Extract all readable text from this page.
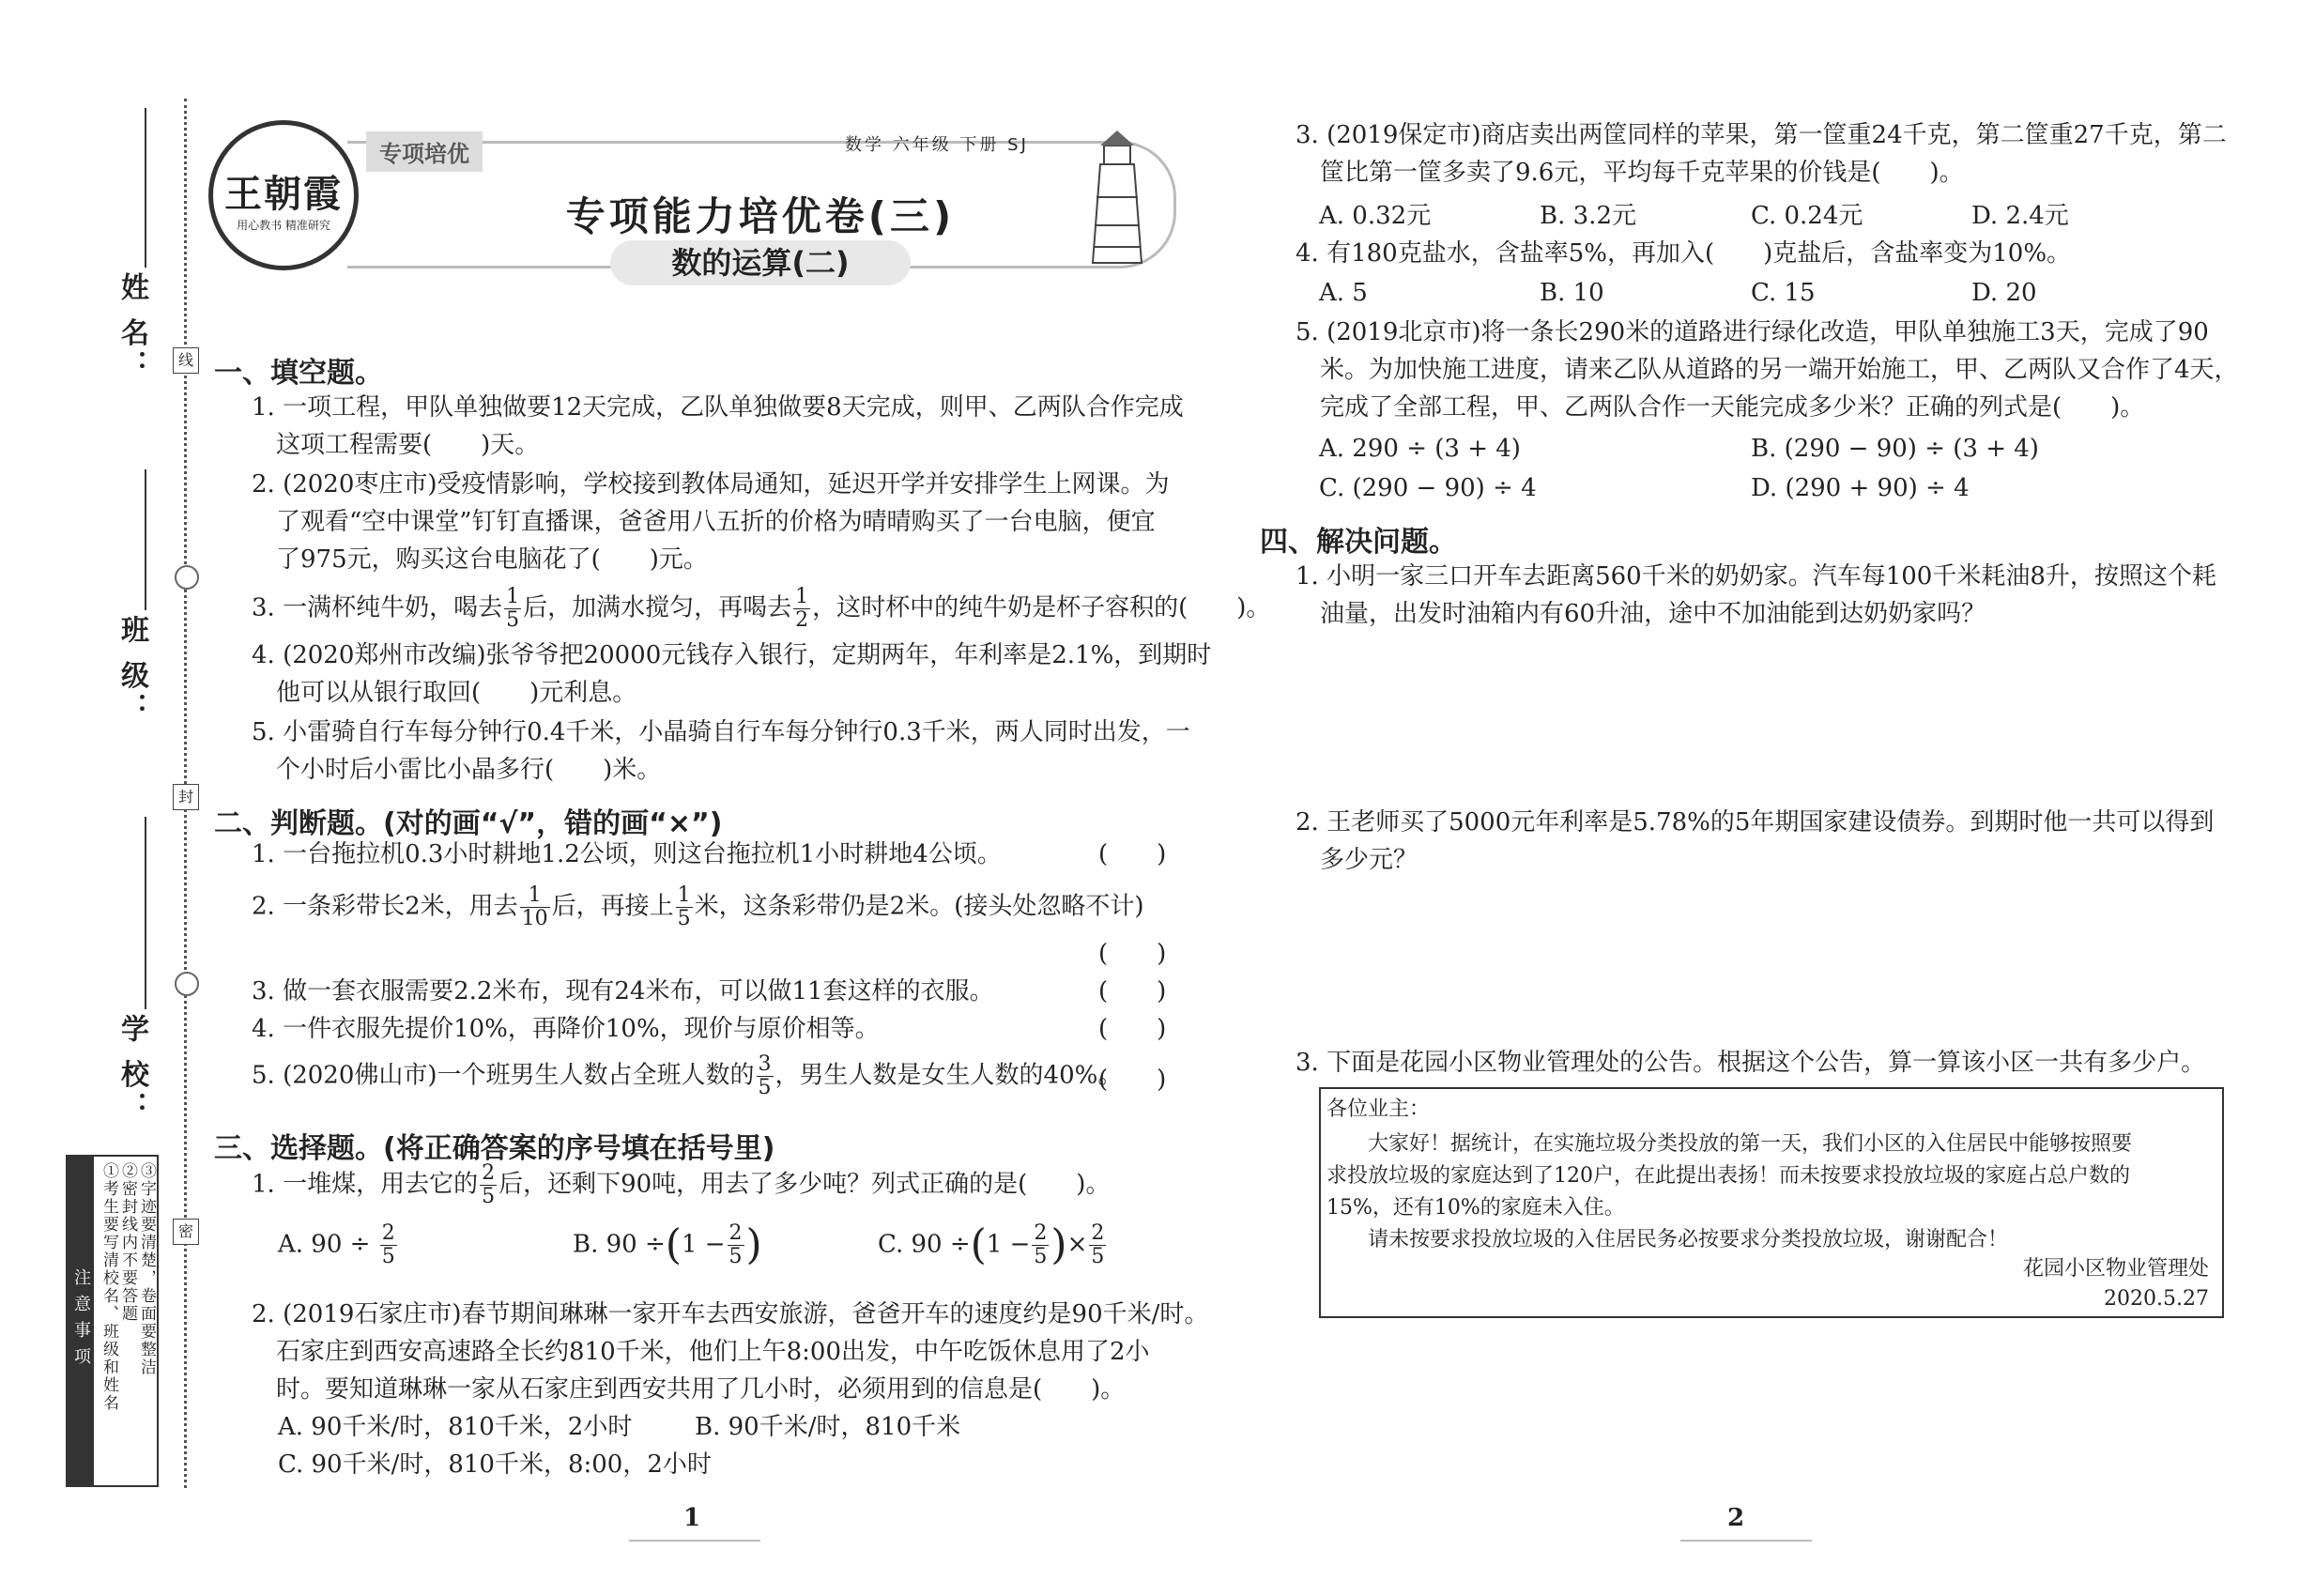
姓 名：
班 级：
学 校：
线
封
密
注意事项 ①考生要写清校名、班级和姓名 ②密封线内不要答题 ③字迹要清楚，卷面要整洁
专项培优	数学 六年级 下册 SJ
王朝霞
用心教书 精准研究	专项能力培优卷(三)
数的运算(二)
一、填空题。
1. 一项工程，甲队单独做要12天完成，乙队单独做要8天完成，则甲、乙两队合作完成
这项工程需要(　　)天。
2. (2020枣庄市)受疫情影响，学校接到教体局通知，延迟开学并安排学生上网课。为
了观看“空中课堂”钉钉直播课，爸爸用八五折的价格为晴晴购买了一台电脑，便宜
了975元，购买这台电脑花了(　　)元。
3. 一满杯纯牛奶，喝去 $\frac{1}{5}$ 后，加满水搅匀，再喝去 $\frac{1}{2}$ ，这时杯中的纯牛奶是杯子容积的(　　)。
4. (2020郑州市改编)张爷爷把20000元钱存入银行，定期两年，年利率是2.1%，到期时
他可以从银行取回(　　)元利息。
5. 小雷骑自行车每分钟行0.4千米，小晶骑自行车每分钟行0.3千米，两人同时出发，一
个小时后小雷比小晶多行(　　)米。
二、判断题。(对的画“√”，错的画“×”)
1. 一台拖拉机0.3小时耕地1.2公顷，则这台拖拉机1小时耕地4公顷。	(　　)
2. 一条彩带长2米，用去 $\frac{1}{10}$ 后，再接上 $\frac{1}{5}$ 米，这条彩带仍是2米。(接头处忽略不计)
(　　)
3. 做一套衣服需要2.2米布，现有24米布，可以做11套这样的衣服。	(　　)
4. 一件衣服先提价10%，再降价10%，现价与原价相等。	(　　)
5. (2020佛山市)一个班男生人数占全班人数的 $\frac{3}{5}$ ，男生人数是女生人数的40%。
(　　)
三、选择题。(将正确答案的序号填在括号里)
1. 一堆煤，用去它的 $\frac{2}{5}$ 后，还剩下90吨，用去了多少吨？列式正确的是(　　)。
A. $90 \div \frac{2}{5}$	B. $90 \div(1 - \frac{2}{5}$ )	C. $90 \div(1 - \frac{2}{5}$ )× $\frac{2}{5}$
2. (2019石家庄市)春节期间琳琳一家开车去西安旅游，爸爸开车的速度约是90千米/时。
石家庄到西安高速路全长约810千米，他们上午8:00出发，中午吃饭休息用了2小
时。要知道琳琳一家从石家庄到西安共用了几小时，必须用到的信息是(　　)。
A. 90千米/时，810千米，2小时	B. 90千米/时，810千米
C. 90千米/时，810千米，8:00，2小时
1
3. (2019保定市)商店卖出两筐同样的苹果，第一筐重24千克，第二筐重27千克，第二
筐比第一筐多卖了9.6元，平均每千克苹果的价钱是(　　)。
A. 0.32元	B. 3.2元	C. 0.24元	D. 2.4元
4. 有180克盐水，含盐率5%，再加入(　　)克盐后，含盐率变为10%。
A. 5	B. 10	C. 15	D. 20
5. (2019北京市)将一条长290米的道路进行绿化改造，甲队单独施工3天，完成了90
米。为加快施工进度，请来乙队从道路的另一端开始施工，甲、乙两队又合作了4天，
完成了全部工程，甲、乙两队合作一天能完成多少米？正确的列式是(　　)。
A. 290 ÷ (3 + 4)	B. (290 − 90) ÷ (3 + 4)
C. (290 − 90) ÷ 4	D. (290 + 90) ÷ 4
四、解决问题。
1. 小明一家三口开车去距离560千米的奶奶家。汽车每100千米耗油8升，按照这个耗
油量，出发时油箱内有60升油，途中不加油能到达奶奶家吗？
2. 王老师买了5000元年利率是5.78%的5年期国家建设债券。到期时他一共可以得到
多少元？
3. 下面是花园小区物业管理处的公告。根据这个公告，算一算该小区一共有多少户。
各位业主：
大家好！据统计，在实施垃圾分类投放的第一天，我们小区的入住居民中能够按照要
求投放垃圾的家庭达到了120户，在此提出表扬！而未按要求投放垃圾的家庭占总户数的
15%，还有10%的家庭未入住。
请未按要求投放垃圾的入住居民务必按要求分类投放垃圾，谢谢配合！
花园小区物业管理处
2020.5.27
2
